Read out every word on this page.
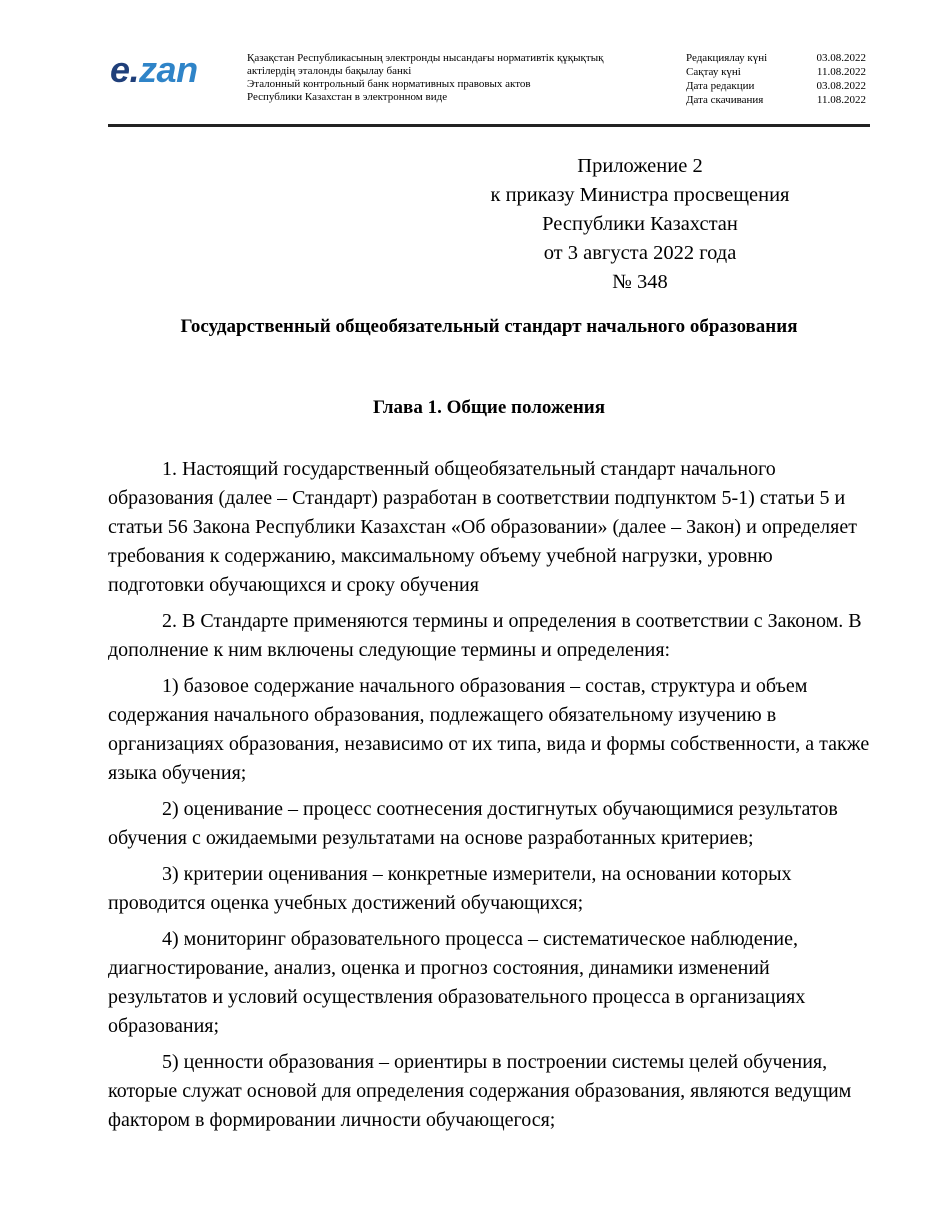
e.zan	Қазақстан Республикасының электронды нысандағы нормативтік құқықтық
актілердің эталонды бақылау банкі
Эталонный контрольный банк нормативных правовых актов
Республики Казахстан в электронном виде
Редакциялау күні	03.08.2022
Сақтау күні	11.08.2022
Дата редакции	03.08.2022
Дата скачивания	11.08.2022
Приложение 2
к приказу Министра просвещения
Республики Казахстан
от 3 августа 2022 года
№ 348
Государственный общеобязательный стандарт начального образования
Глава 1. Общие положения

1. Настоящий государственный общеобязательный стандарт начального образования (далее – Стандарт) разработан в соответствии подпунктом 5-1) статьи 5 и статьи 56 Закона Республики Казахстан «Об образовании» (далее – Закон) и определяет требования к содержанию, максимальному объему учебной нагрузки, уровню подготовки обучающихся и сроку обучения

2. В Стандарте применяются термины и определения в соответствии с Законом. В дополнение к ним включены следующие термины и определения:

1) базовое содержание начального образования – состав, структура и объем содержания начального образования, подлежащего обязательному изучению в организациях образования, независимо от их типа, вида и формы собственности, а также языка обучения;

2) оценивание – процесс соотнесения достигнутых обучающимися результатов обучения с ожидаемыми результатами на основе разработанных критериев;

3) критерии оценивания – конкретные измерители, на основании которых проводится оценка учебных достижений обучающихся;

4) мониторинг образовательного процесса – систематическое наблюдение, диагностирование, анализ, оценка и прогноз состояния, динамики изменений результатов и условий осуществления образовательного процесса в организациях образования;

5) ценности образования – ориентиры в построении системы целей обучения, которые служат основой для определения содержания образования, являются ведущим фактором в формировании личности обучающегося;
